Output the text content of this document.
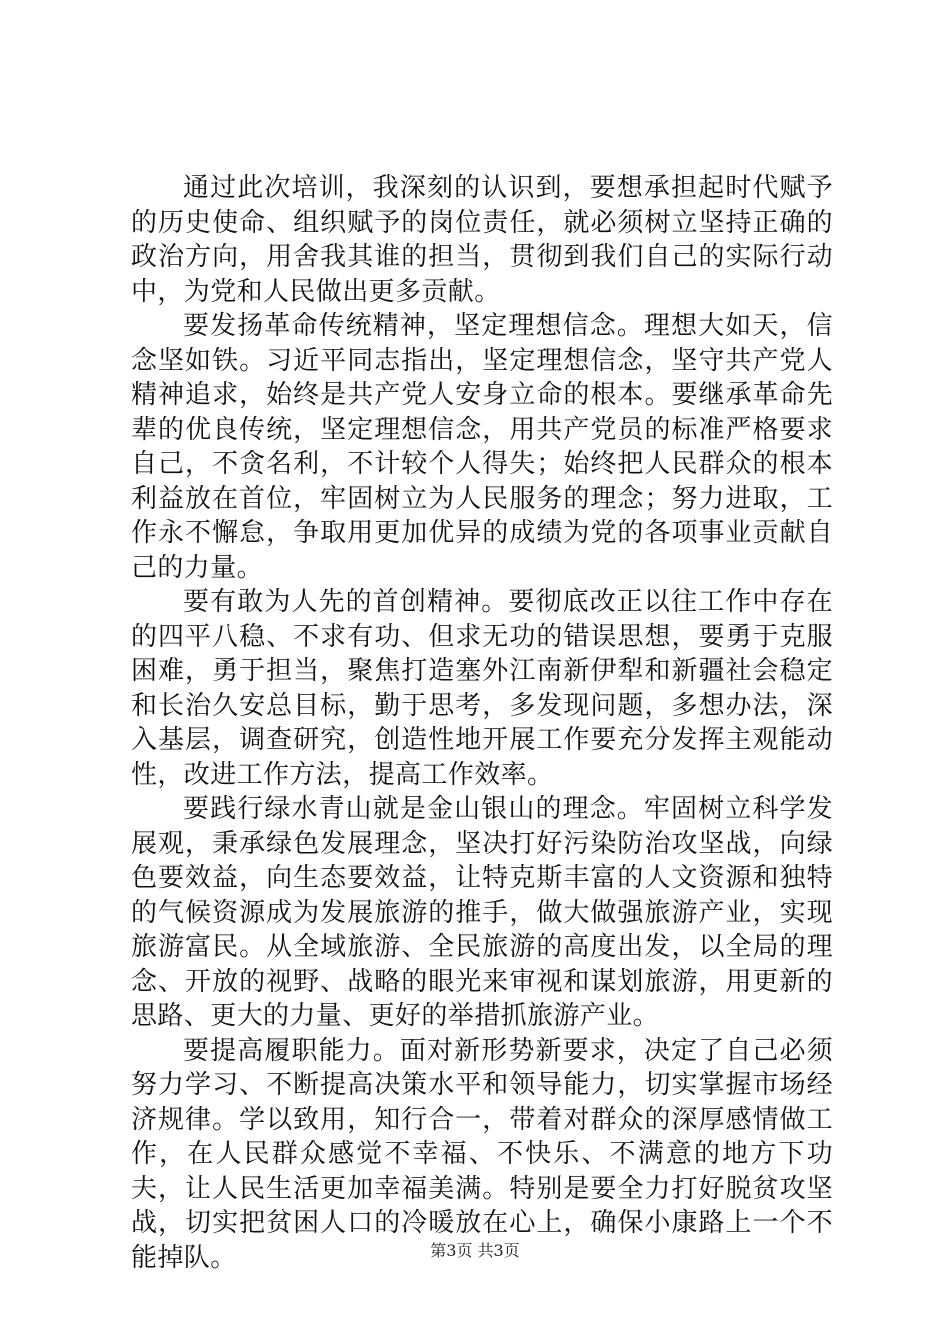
通过此次培训，我深刻的认识到，要想承担起时代赋予的历史使命、组织赋予的岗位责任，就必须树立坚持正确的政治方向，用舍我其谁的担当，贯彻到我们自己的实际行动中，为党和人民做出更多贡献。

要发扬革命传统精神，坚定理想信念。理想大如天，信念坚如铁。习近平同志指出，坚定理想信念，坚守共产党人精神追求，始终是共产党人安身立命的根本。要继承革命先辈的优良传统，坚定理想信念，用共产党员的标准严格要求自己，不贪名利，不计较个人得失；始终把人民群众的根本利益放在首位，牢固树立为人民服务的理念；努力进取，工作永不懈怠，争取用更加优异的成绩为党的各项事业贡献自己的力量。

要有敢为人先的首创精神。要彻底改正以往工作中存在的四平八稳、不求有功、但求无功的错误思想，要勇于克服困难，勇于担当，聚焦打造塞外江南新伊犁和新疆社会稳定和长治久安总目标，勤于思考，多发现问题，多想办法，深入基层，调查研究，创造性地开展工作要充分发挥主观能动性，改进工作方法，提高工作效率。

要践行绿水青山就是金山银山的理念。牢固树立科学发展观，秉承绿色发展理念，坚决打好污染防治攻坚战，向绿色要效益，向生态要效益，让特克斯丰富的人文资源和独特的气候资源成为发展旅游的推手，做大做强旅游产业，实现旅游富民。从全域旅游、全民旅游的高度出发，以全局的理念、开放的视野、战略的眼光来审视和谋划旅游，用更新的思路、更大的力量、更好的举措抓旅游产业。

要提高履职能力。面对新形势新要求，决定了自己必须努力学习、不断提高决策水平和领导能力，切实掌握市场经济规律。学以致用，知行合一，带着对群众的深厚感情做工作，在人民群众感觉不幸福、不快乐、不满意的地方下功夫，让人民生活更加幸福美满。特别是要全力打好脱贫攻坚战，切实把贫困人口的冷暖放在心上，确保小康路上一个不能掉队。	第3页 共3页
